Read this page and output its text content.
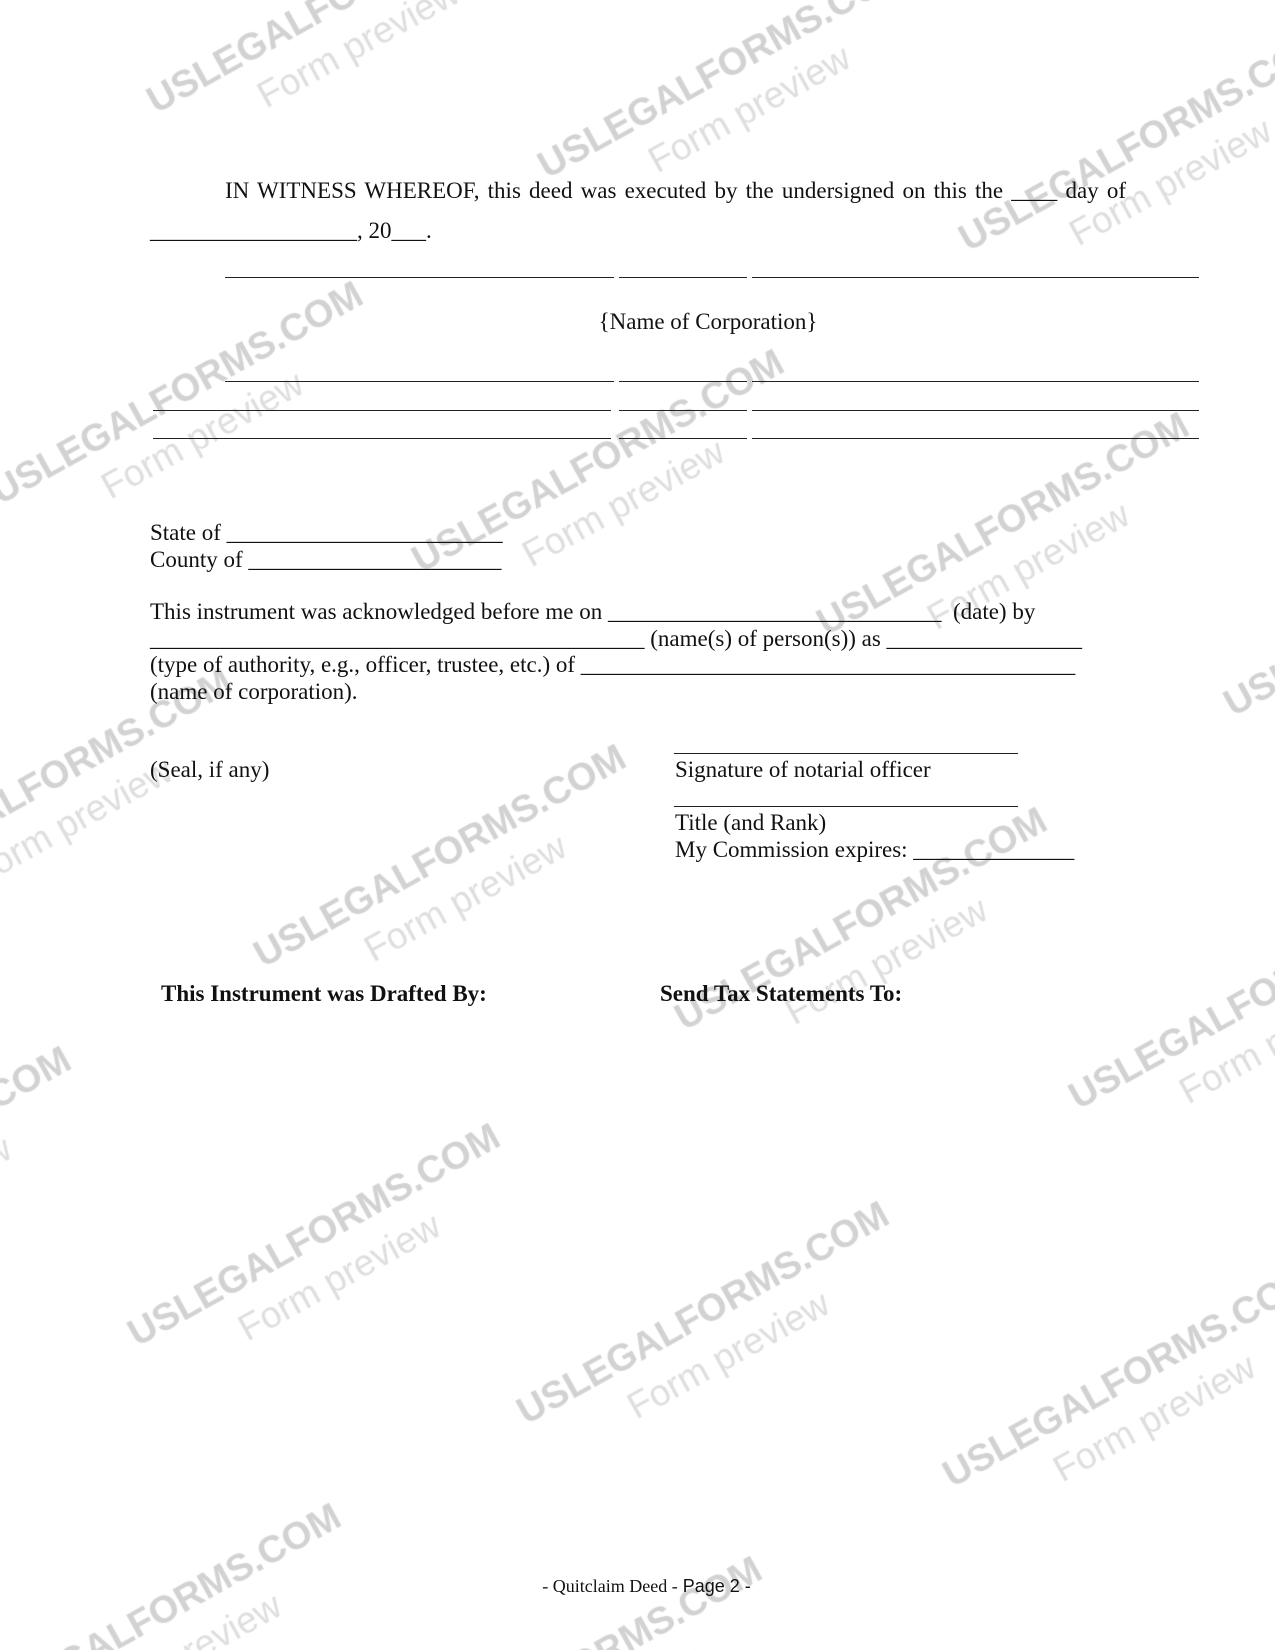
IN WITNESS WHEREOF, this deed was executed by the undersigned on this the ____ day of
__________________, 20___.
{Name of Corporation}
State of ________________________
County of ______________________
This instrument was acknowledged before me on _____________________________  (date) by
___________________________________________ (name(s) of person(s)) as _________________
(type of authority, e.g., officer, trustee, etc.) of ___________________________________________
(name of corporation).
(Seal, if any)	Signature of notarial officer
Title (and Rank)
My Commission expires: ______________
This Instrument was Drafted By:	Send Tax Statements To:

- Quitclaim Deed - Page 2 -
